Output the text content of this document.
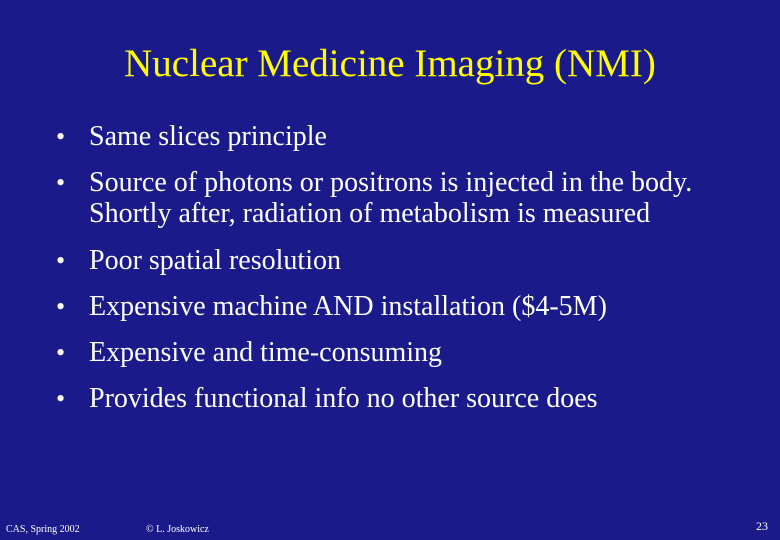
Nuclear Medicine Imaging (NMI)
• Same slices principle
• Source of photons or positrons is injected in the body. Shortly after, radiation of metabolism is measured
• Poor spatial resolution
• Expensive machine AND installation ($4-5M)
• Expensive and time-consuming
• Provides functional info no other source does
CAS, Spring 2002	© L. Joskowicz	23
